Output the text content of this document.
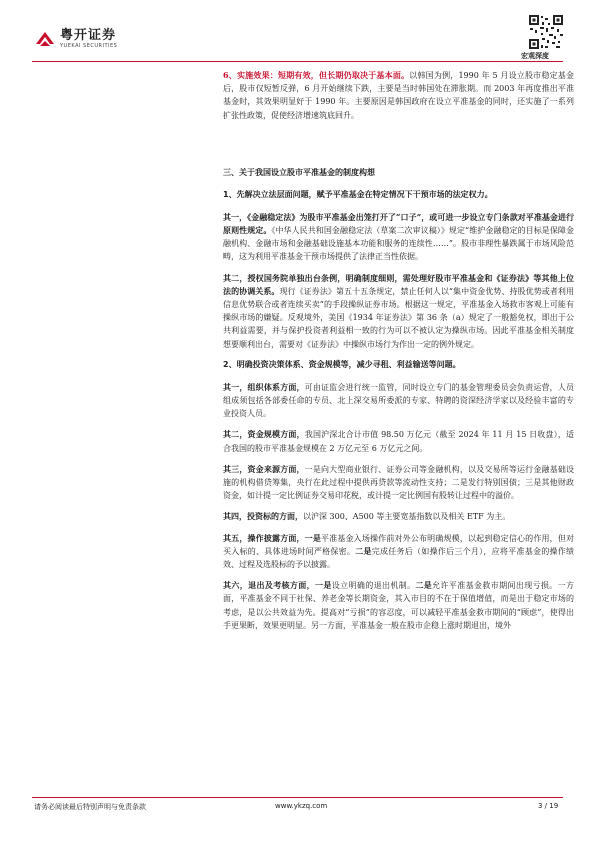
粤开证券
YUEKAI SECURITIES
宏观深度

6、实施效果：短期有效，但长期仍取决于基本面。以韩国为例，1990 年 5 月设立股市稳定基金后，股市仅短暂反弹，6 月开始继续下跌，主要是当时韩国处在滞胀期。而 2003 年再度推出平准基金时，其效果明显好于 1990 年。主要原因是韩国政府在设立平准基金的同时，还实施了一系列扩张性政策，促使经济增速筑底回升。

三、关于我国设立股市平准基金的制度构想

1、先解决立法层面问题，赋予平准基金在特定情况下干预市场的法定权力。

其一，《金融稳定法》为股市平准基金出笼打开了“口子”，或可进一步设立专门条款对平准基金进行原则性规定。《中华人民共和国金融稳定法（草案二次审议稿）》规定“维护金融稳定的目标是保障金融机构、金融市场和金融基础设施基本功能和服务的连续性……”。股市非理性暴跌属于市场风险范畴，这为利用平准基金干预市场提供了法律正当性依据。

其二，授权国务院单独出台条例，明确制度细则，需处理好股市平准基金和《证券法》等其他上位法的协调关系。现行《证券法》第五十五条规定，禁止任何人以“集中资金优势、持股优势或者利用信息优势联合或者连续买卖”的手段操纵证券市场。根据这一规定，平准基金入场救市客观上可能有操纵市场的嫌疑。反观境外，美国《1934 年证券法》第 36 条（a）规定了一般豁免权，即出于公共利益需要，并与保护投资者利益相一致的行为可以不被认定为操纵市场。因此平准基金相关制度想要顺利出台，需要对《证券法》中操纵市场行为作出一定的例外规定。

2、明确投资决策体系、资金规模等，减少寻租、利益输送等问题。

其一，组织体系方面，可由证监会进行统一监管，同时设立专门的基金管理委员会负责运营，人员组成须包括各部委任命的专员、北上深交易所委派的专家、特聘的资深经济学家以及经验丰富的专业投资人员。

其二，资金规模方面，我国沪深北合计市值 98.50 万亿元（截至 2024 年 11 月 15 日收盘），适合我国的股市平准基金规模在 2 万亿元至 6 万亿元之间。

其三，资金来源方面，一是向大型商业银行、证券公司等金融机构，以及交易所等运行金融基础设施的机构借贷筹集，央行在此过程中提供再贷款等流动性支持；二是发行特别国债；三是其他财政资金，如计提一定比例证券交易印花税，或计提一定比例国有股转让过程中的溢价。

其四，投资标的方面，以沪深 300、A500 等主要宽基指数以及相关 ETF 为主。

其五，操作披露方面，一是平准基金入场操作前对外公布明确规模，以起到稳定信心的作用，但对买入标的、具体进场时间严格保密。二是完成任务后（如操作后三个月），应将平准基金的操作绩效、过程及选股标的予以披露。

其六，退出及考核方面，一是设立明确的退出机制。二是允许平准基金救市期间出现亏损。一方面，平准基金不同于社保、养老金等长期资金，其入市目的不在于保值增值，而是出于稳定市场的考虑，是以公共效益为先。提高对“亏损”的容忍度，可以减轻平准基金救市期间的“顾虑”，使得出手更果断，效果更明显。另一方面，平准基金一般在股市企稳上涨时期退出，境外

请务必阅读最后特别声明与免责条款	www.ykzq.com	3 / 19
